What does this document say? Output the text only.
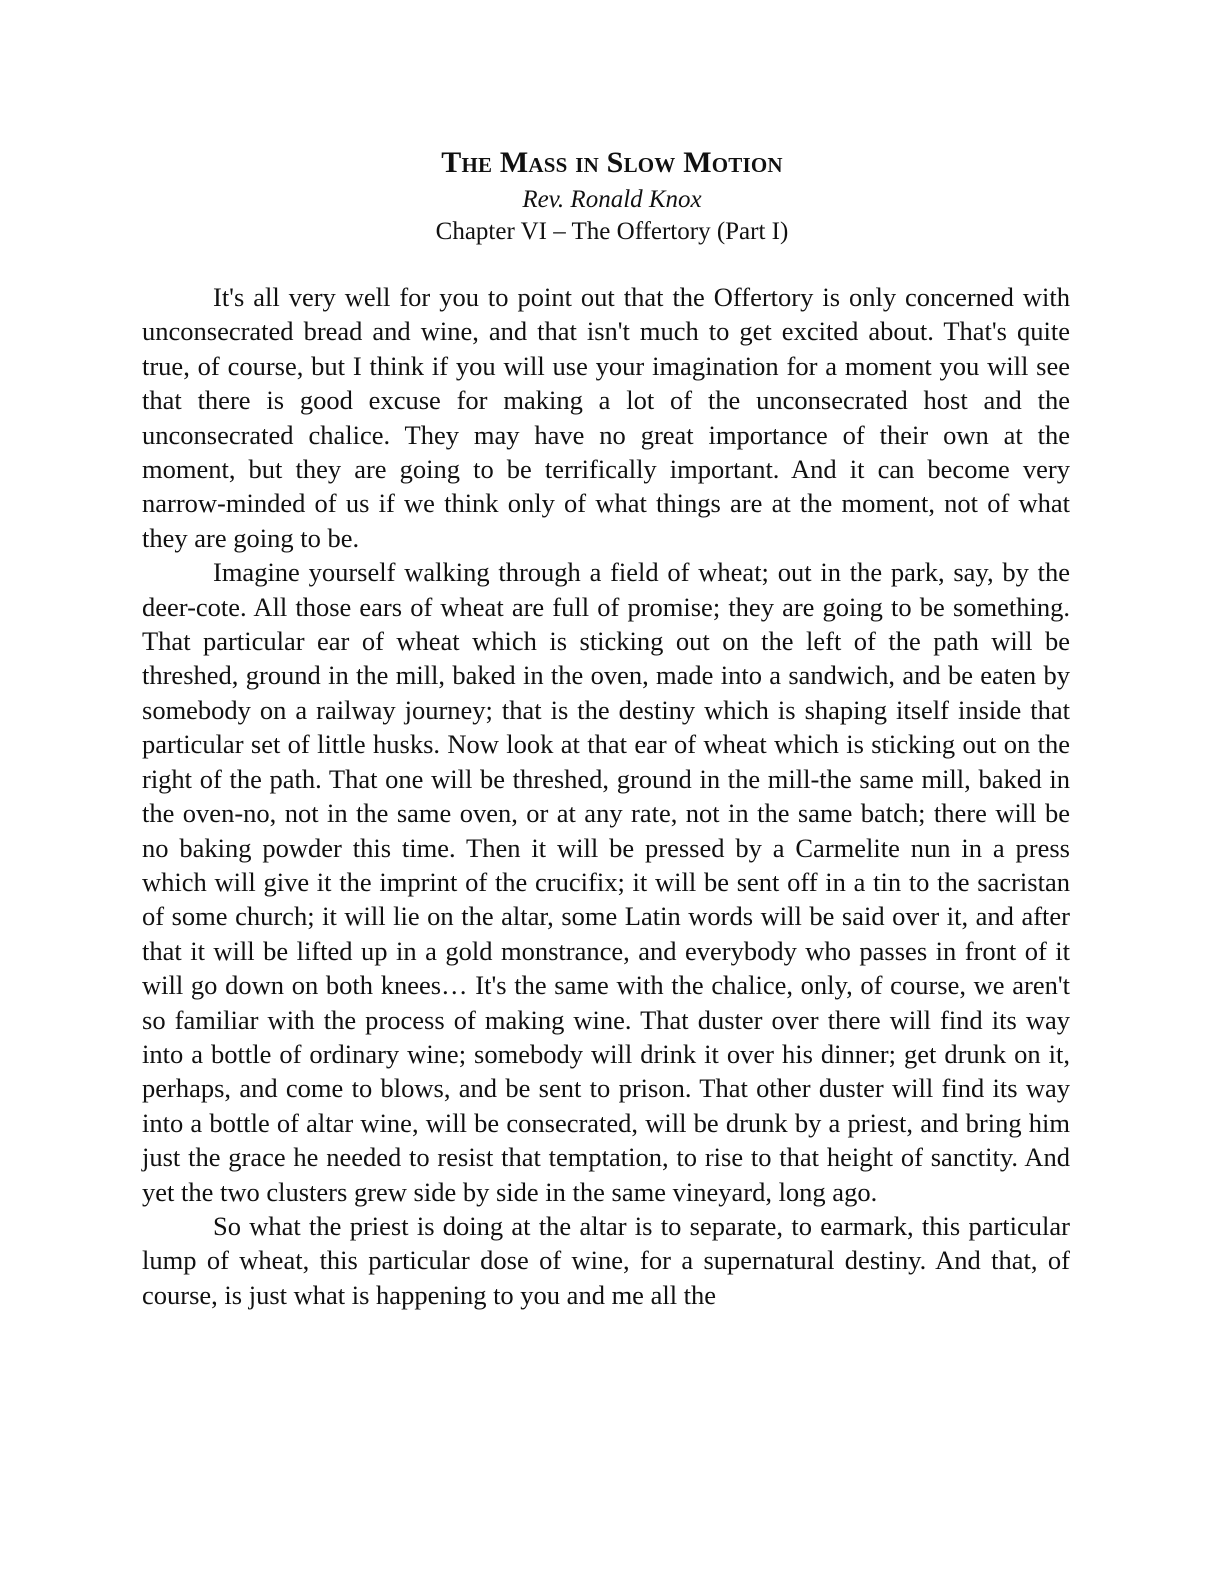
The Mass in Slow Motion
Rev. Ronald Knox
Chapter VI – The Offertory (Part I)

It's all very well for you to point out that the Offertory is only concerned with unconsecrated bread and wine, and that isn't much to get excited about. That's quite true, of course, but I think if you will use your imagination for a moment you will see that there is good excuse for making a lot of the unconsecrated host and the unconsecrated chalice. They may have no great importance of their own at the moment, but they are going to be terrifically important. And it can become very narrow-minded of us if we think only of what things are at the moment, not of what they are going to be.

Imagine yourself walking through a field of wheat; out in the park, say, by the deer-cote. All those ears of wheat are full of promise; they are going to be something. That particular ear of wheat which is sticking out on the left of the path will be threshed, ground in the mill, baked in the oven, made into a sandwich, and be eaten by somebody on a railway journey; that is the destiny which is shaping itself inside that particular set of little husks. Now look at that ear of wheat which is sticking out on the right of the path. That one will be threshed, ground in the mill-the same mill, baked in the oven-no, not in the same oven, or at any rate, not in the same batch; there will be no baking powder this time. Then it will be pressed by a Carmelite nun in a press which will give it the imprint of the crucifix; it will be sent off in a tin to the sacristan of some church; it will lie on the altar, some Latin words will be said over it, and after that it will be lifted up in a gold monstrance, and everybody who passes in front of it will go down on both knees… It's the same with the chalice, only, of course, we aren't so familiar with the process of making wine. That duster over there will find its way into a bottle of ordinary wine; somebody will drink it over his dinner; get drunk on it, perhaps, and come to blows, and be sent to prison. That other duster will find its way into a bottle of altar wine, will be consecrated, will be drunk by a priest, and bring him just the grace he needed to resist that temptation, to rise to that height of sanctity. And yet the two clusters grew side by side in the same vineyard, long ago.

So what the priest is doing at the altar is to separate, to earmark, this particular lump of wheat, this particular dose of wine, for a supernatural destiny. And that, of course, is just what is happening to you and me all the
